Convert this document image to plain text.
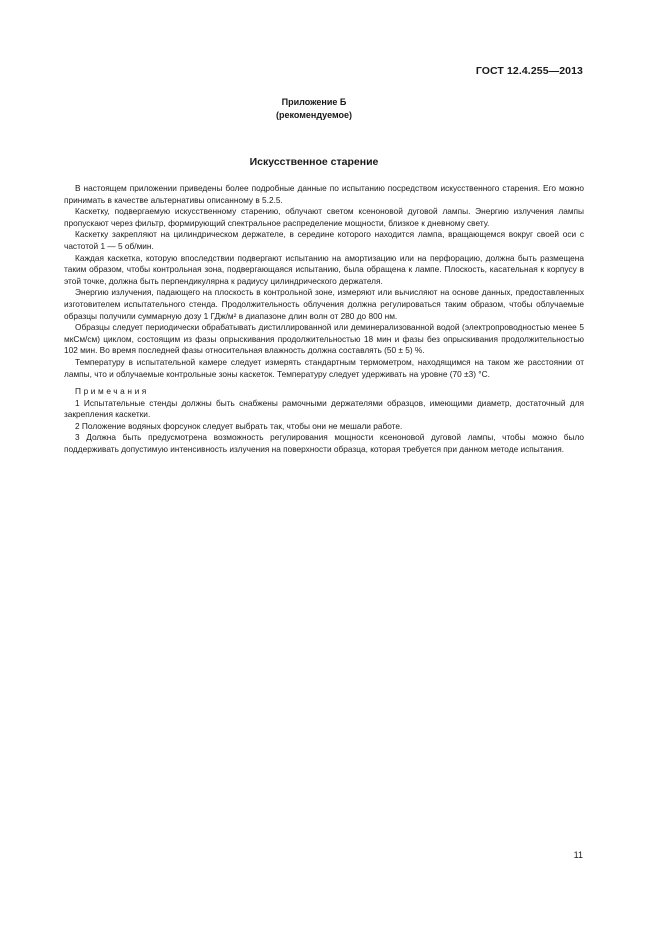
ГОСТ 12.4.255—2013
Приложение Б
(рекомендуемое)
Искусственное старение

В настоящем приложении приведены более подробные данные по испытанию посредством искусственного старения. Его можно принимать в качестве альтернативы описанному в 5.2.5.

Каскетку, подвергаемую искусственному старению, облучают светом ксеноновой дуговой лампы. Энергию излучения лампы пропускают через фильтр, формирующий спектральное распределение мощности, близкое к дневному свету.

Каскетку закрепляют на цилиндрическом держателе, в середине которого находится лампа, вращающемся вокруг своей оси с частотой 1 — 5 об/мин.

Каждая каскетка, которую впоследствии подвергают испытанию на амортизацию или на перфорацию, должна быть размещена таким образом, чтобы контрольная зона, подвергающаяся испытанию, была обращена к лампе. Плоскость, касательная к корпусу в этой точке, должна быть перпендикулярна к радиусу цилиндрического держателя.

Энергию излучения, падающего на плоскость в контрольной зоне, измеряют или вычисляют на основе данных, предоставленных изготовителем испытательного стенда. Продолжительность облучения должна регулироваться таким образом, чтобы облучаемые образцы получили суммарную дозу 1 ГДж/м² в диапазоне длин волн от 280 до 800 нм.

Образцы следует периодически обрабатывать дистиллированной или деминерализованной водой (электропроводностью менее 5 мкСм/см) циклом, состоящим из фазы опрыскивания продолжительностью 18 мин и фазы без опрыскивания продолжительностью 102 мин. Во время последней фазы относительная влажность должна составлять (50 ± 5) %.

Температуру в испытательной камере следует измерять стандартным термометром, находящимся на таком же расстоянии от лампы, что и облучаемые контрольные зоны каскеток. Температуру следует удерживать на уровне (70 ±3) °С.

Примечания

1 Испытательные стенды должны быть снабжены рамочными держателями образцов, имеющими диаметр, достаточный для закрепления каскетки.

2 Положение водяных форсунок следует выбрать так, чтобы они не мешали работе.

3 Должна быть предусмотрена возможность регулирования мощности ксеноновой дуговой лампы, чтобы можно было поддерживать допустимую интенсивность излучения на поверхности образца, которая требуется при данном методе испытания.

11
